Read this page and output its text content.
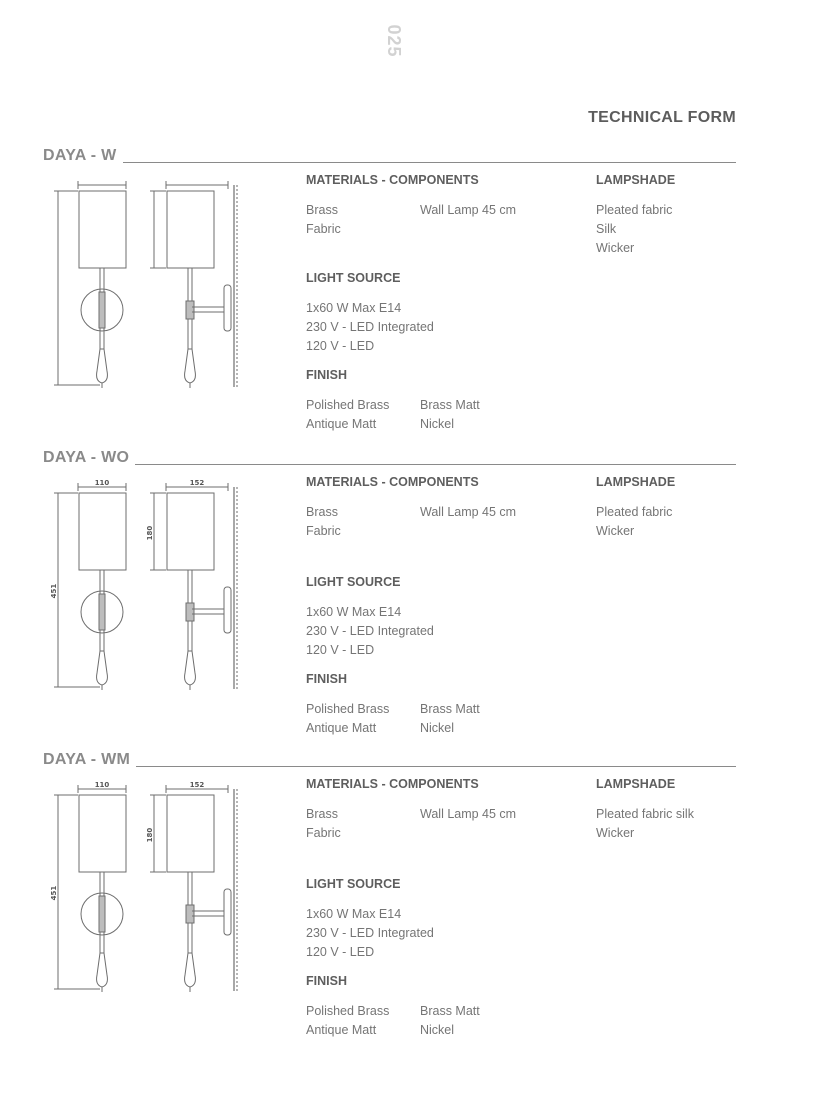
025
TECHNICAL FORM
DAYA - W
MATERIALS - COMPONENTS
Brass
Fabric
Wall Lamp 45 cm
LAMPSHADE
Pleated fabric
Silk
Wicker
LIGHT SOURCE
1x60 W Max E14
230 V - LED Integrated
120 V - LED
FINISH
Polished Brass
Antique Matt
Brass Matt
Nickel
DAYA - WO
110	152
180
451
MATERIALS - COMPONENTS
Brass
Fabric
Wall Lamp 45 cm
LAMPSHADE
Pleated fabric
Wicker
LIGHT SOURCE
1x60 W Max E14
230 V - LED Integrated
120 V - LED
FINISH
Polished Brass
Antique Matt
Brass Matt
Nickel
DAYA - WM
110	152
180
451
MATERIALS - COMPONENTS
Brass
Fabric
Wall Lamp 45 cm
LAMPSHADE
Pleated fabric silk
Wicker
LIGHT SOURCE
1x60 W Max E14
230 V - LED Integrated
120 V - LED
FINISH
Polished Brass
Antique Matt
Brass Matt
Nickel
